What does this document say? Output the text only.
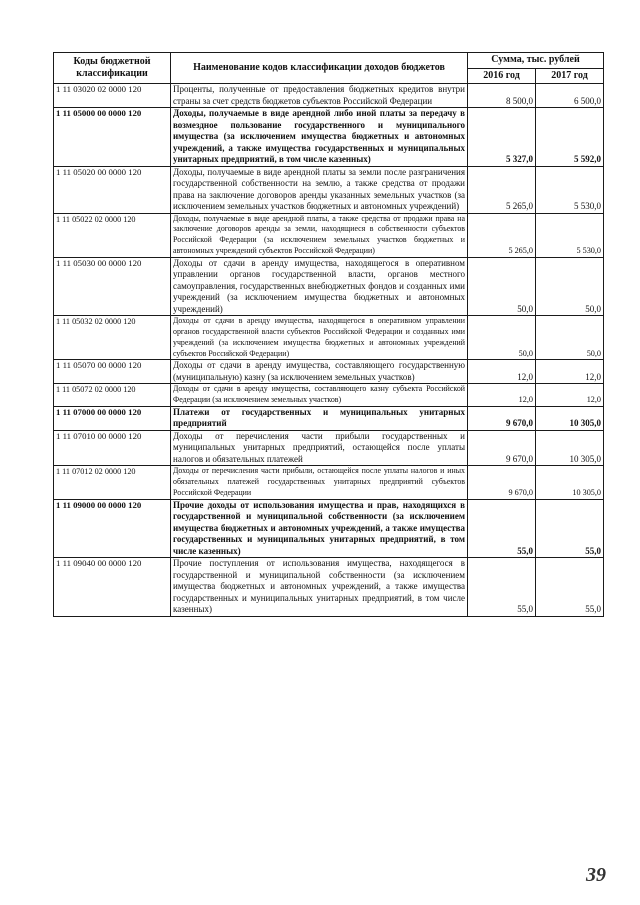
Коды бюджетной классификации	Наименование кодов классификации доходов бюджетов	Сумма, тыс. рублей	
		2016 год	2017 год
1 11 03020 02 0000 120	Проценты, полученные от предоставления бюджетных кредитов внутри страны за счет средств бюджетов субъектов Российской Федерации	8 500,0	6 500,0
1 11 05000 00 0000 120	Доходы, получаемые в виде арендной либо иной платы за передачу в возмездное пользование государственного и муниципального имущества (за исключением имущества бюджетных и автономных учреждений, а также имущества государственных и муниципальных унитарных предприятий, в том числе казенных)	5 327,0	5 592,0
1 11 05020 00 0000 120	Доходы, получаемые в виде арендной платы за земли после разграничения государственной собственности на землю, а также средства от продажи права на заключение договоров аренды указанных земельных участков (за исключением земельных участков бюджетных и автономных учреждений)	5 265,0	5 530,0
1 11 05022 02 0000 120	Доходы, получаемые в виде арендной платы, а также средства от продажи права на заключение договоров аренды за земли, находящиеся в собственности субъектов Российской Федерации (за исключением земельных участков бюджетных и автономных учреждений субъектов Российской Федерации)	5 265,0	5 530,0
1 11 05030 00 0000 120	Доходы от сдачи в аренду имущества, находящегося в оперативном управлении органов государственной власти, органов местного самоуправления, государственных внебюджетных фондов и созданных ими учреждений (за исключением имущества бюджетных и автономных учреждений)	50,0	50,0
1 11 05032 02 0000 120	Доходы от сдачи в аренду имущества, находящегося в оперативном управлении органов государственной власти субъектов Российской Федерации и созданных ими учреждений (за исключением имущества бюджетных и автономных учреждений субъектов Российской Федерации)	50,0	50,0
1 11 05070 00 0000 120	Доходы от сдачи в аренду имущества, составляющего государственную (муниципальную) казну (за исключением земельных участков)	12,0	12,0
1 11 05072 02 0000 120	Доходы от сдачи в аренду имущества, составляющего казну субъекта Российской Федерации (за исключением земельных участков)	12,0	12,0
1 11 07000 00 0000 120	Платежи от государственных и муниципальных унитарных предприятий	9 670,0	10 305,0
1 11 07010 00 0000 120	Доходы от перечисления части прибыли государственных и муниципальных унитарных предприятий, остающейся после уплаты налогов и обязательных платежей	9 670,0	10 305,0
1 11 07012 02 0000 120	Доходы от перечисления части прибыли, остающейся после уплаты налогов и иных обязательных платежей государственных унитарных предприятий субъектов Российской Федерации	9 670,0	10 305,0
1 11 09000 00 0000 120	Прочие доходы от использования имущества и прав, находящихся в государственной и муниципальной собственности (за исключением имущества бюджетных и автономных учреждений, а также имущества государственных и муниципальных унитарных предприятий, в том числе казенных)	55,0	55,0
1 11 09040 00 0000 120	Прочие поступления от использования имущества, находящегося в государственной и муниципальной собственности (за исключением имущества бюджетных и автономных учреждений, а также имущества государственных и муниципальных унитарных предприятий, в том числе казенных)	55,0	55,0
39
